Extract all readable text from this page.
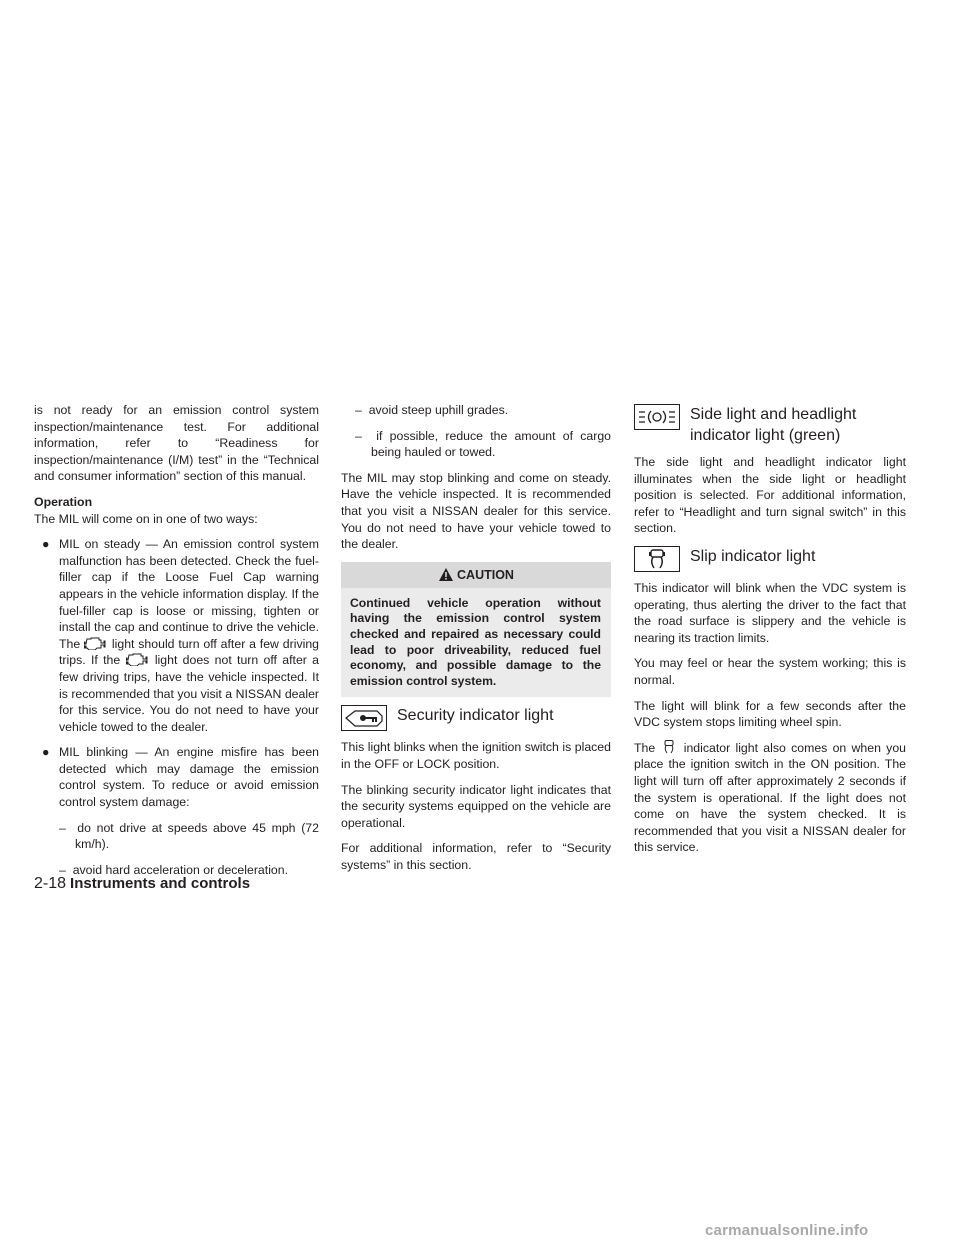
is not ready for an emission control system inspection/maintenance test. For additional information, refer to “Readiness for inspection/maintenance (I/M) test” in the “Technical and consumer information” section of this manual.

Operation

The MIL will come on in one of two ways:

● MIL on steady — An emission control system malfunction has been detected. Check the fuel-filler cap if the Loose Fuel Cap warning appears in the vehicle information display. If the fuel-filler cap is loose or missing, tighten or install the cap and continue to drive the vehicle. The	light should turn off after a few driving trips. If the	light does not turn off after a few driving trips, have the vehicle inspected. It is recommended that you visit a NISSAN dealer for this service. You do not need to have your vehicle towed to the dealer.
● MIL blinking — An engine misfire has been detected which may damage the emission control system. To reduce or avoid emission control system damage:
– do not drive at speeds above 45 mph (72 km/h).
– avoid hard acceleration or deceleration.
– avoid steep uphill grades.
– if possible, reduce the amount of cargo being hauled or towed.

The MIL may stop blinking and come on steady. Have the vehicle inspected. It is recommended that you visit a NISSAN dealer for this service. You do not need to have your vehicle towed to the dealer.

CAUTION
Continued vehicle operation without having the emission control system checked and repaired as necessary could lead to poor driveability, reduced fuel economy, and possible damage to the emission control system.
Security indicator light

This light blinks when the ignition switch is placed in the OFF or LOCK position.

The blinking security indicator light indicates that the security systems equipped on the vehicle are operational.

For additional information, refer to “Security systems” in this section.

Side light and headlight indicator light (green)

The side light and headlight indicator light illuminates when the side light or headlight position is selected. For additional information, refer to “Headlight and turn signal switch” in this section.

Slip indicator light

This indicator will blink when the VDC system is operating, thus alerting the driver to the fact that the road surface is slippery and the vehicle is nearing its traction limits.

You may feel or hear the system working; this is normal.

The light will blink for a few seconds after the VDC system stops limiting wheel spin.

The indicator light also comes on when you place the ignition switch in the ON position. The light will turn off after approximately 2 seconds if the system is operational. If the light does not come on have the system checked. It is recommended that you visit a NISSAN dealer for this service.

2-18 Instruments and controls
carmanualsonline.info
